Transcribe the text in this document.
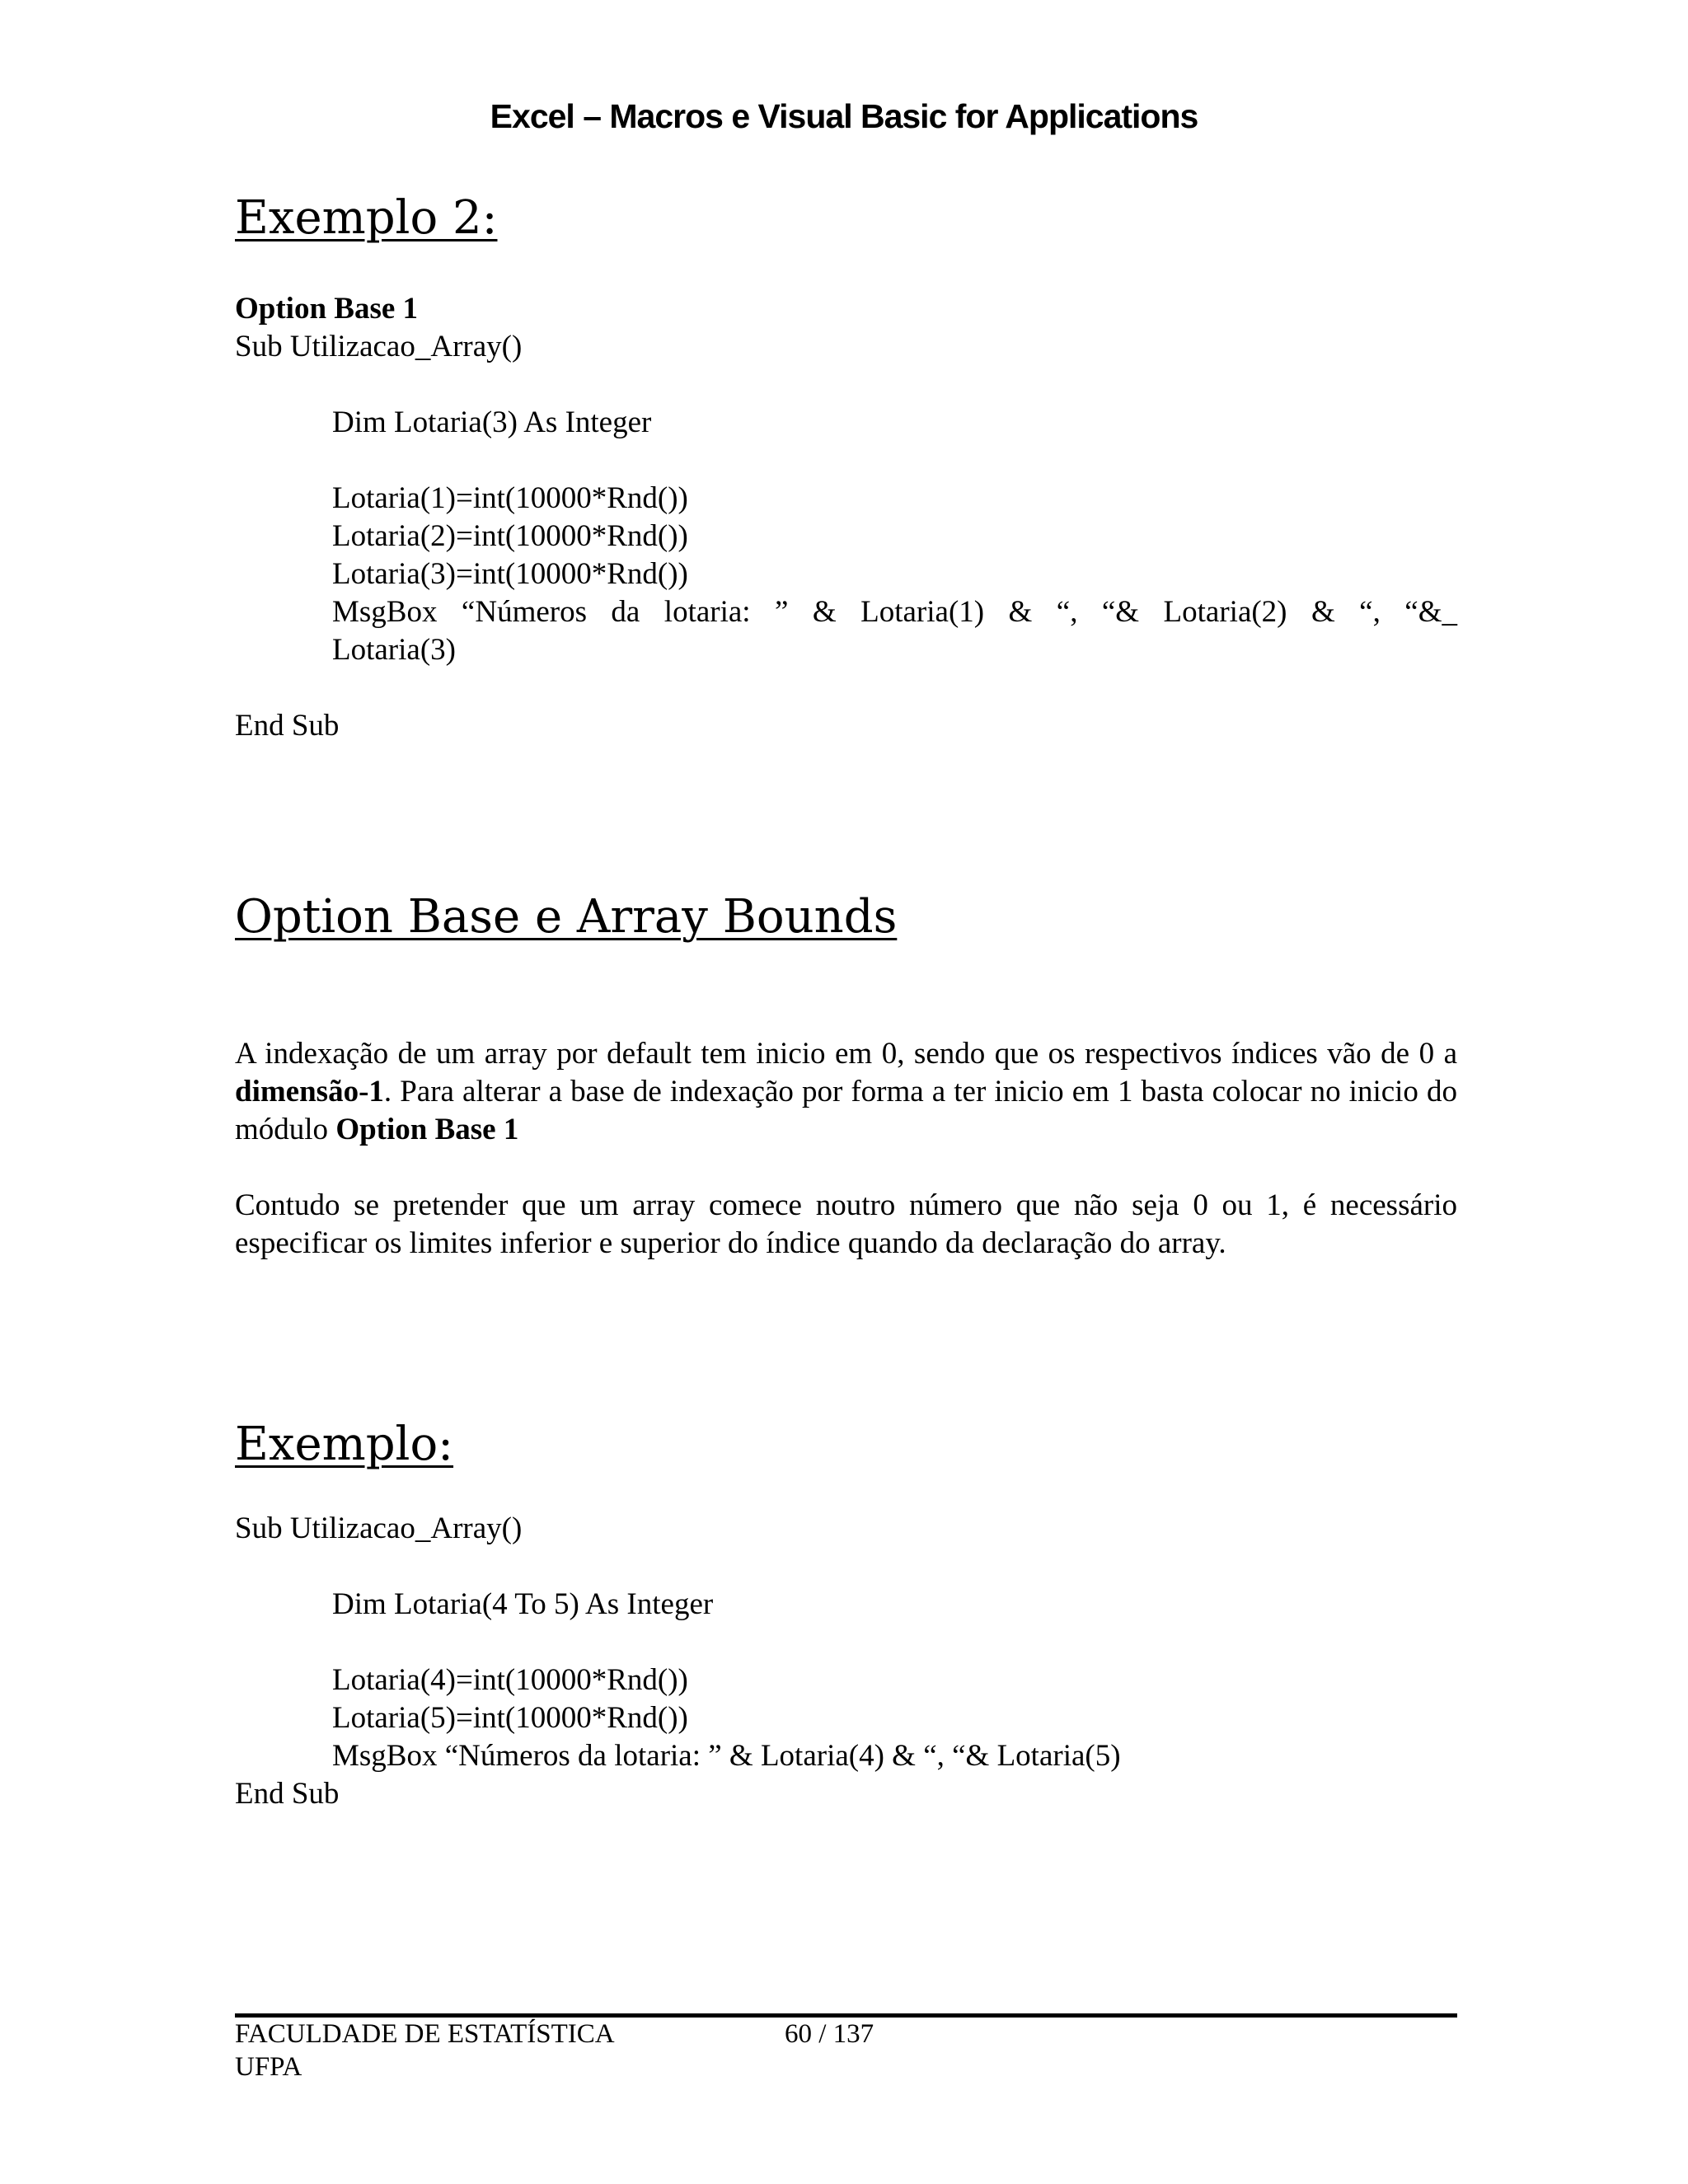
Excel – Macros e Visual Basic for Applications
Exemplo 2:
Option Base 1
Sub Utilizacao_Array()
Dim Lotaria(3) As Integer
Lotaria(1)=int(10000*Rnd())
Lotaria(2)=int(10000*Rnd())
Lotaria(3)=int(10000*Rnd())
MsgBox “Números da lotaria: ” & Lotaria(1) & “, “& Lotaria(2) & “, “&_
Lotaria(3)
End Sub
Option Base e Array Bounds

A indexação de um array por default tem inicio em 0, sendo que os respectivos índices vão de 0 a dimensão-1. Para alterar a base de indexação por forma a ter inicio em 1 basta colocar no inicio do módulo Option Base 1

Contudo se pretender que um array comece noutro número que não seja 0 ou 1, é necessário especificar os limites inferior e superior do índice quando da declaração do array.

Exemplo:
Sub Utilizacao_Array()
Dim Lotaria(4 To 5) As Integer
Lotaria(4)=int(10000*Rnd())
Lotaria(5)=int(10000*Rnd())
MsgBox “Números da lotaria: ” & Lotaria(4) & “, “& Lotaria(5)
End Sub
FACULDADE DE ESTATÍSTICA
UFPA
60 / 137
